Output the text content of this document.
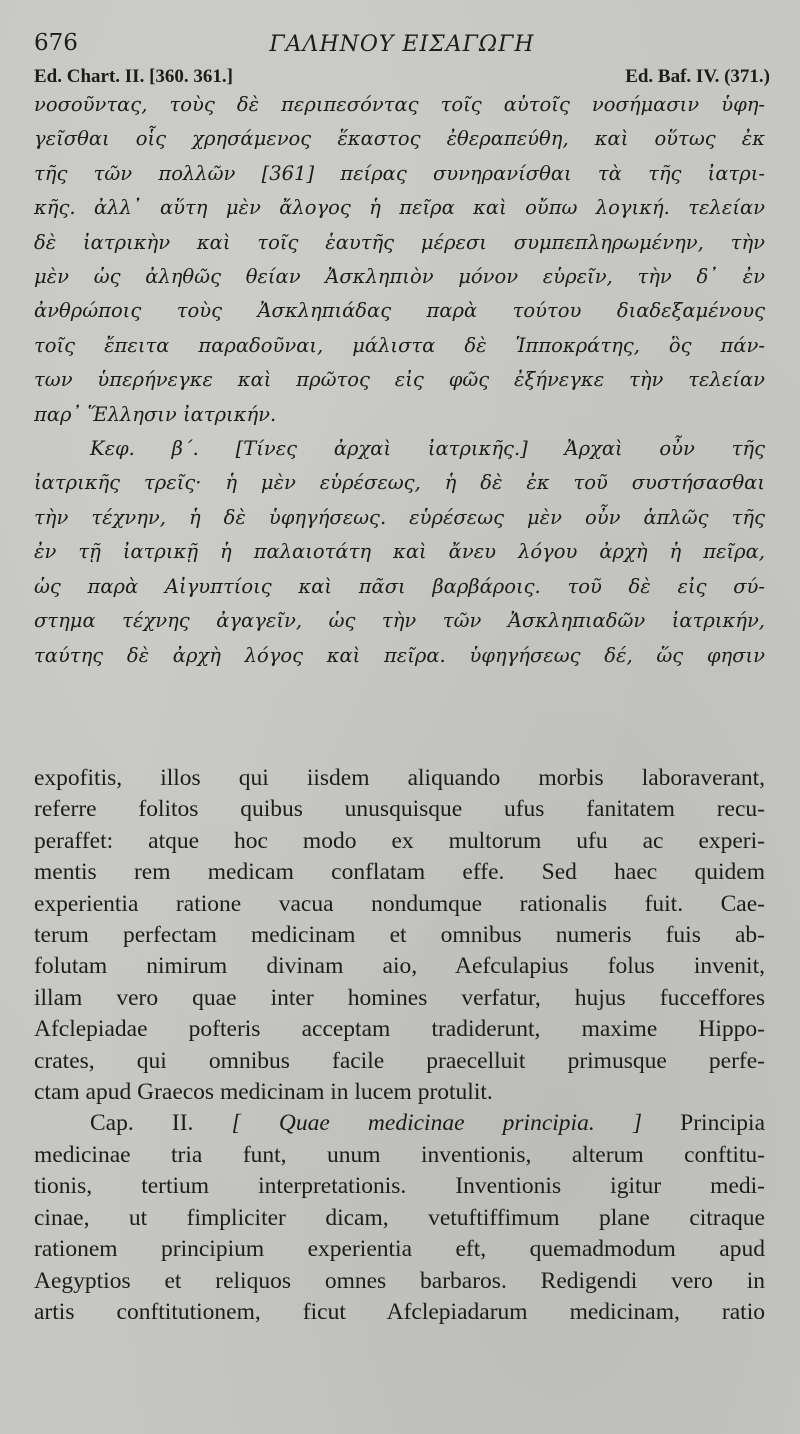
676	ΓΑΛΗΝΟΥ ΕΙΣΑΓΩΓΗ
Ed. Chart. II. [360. 361.]	Ed. Baf. IV. (371.)
νοσοῦντας, τοὺς δὲ περιπεσόντας τοῖς αὐτοῖς νοσήμασιν ὑφη-
γεῖσθαι οἷς χρησάμενος ἕκαστος ἐθεραπεύθη, καὶ οὕτως ἐκ
τῆς τῶν πολλῶν [361] πείρας συνηρανίσθαι τὰ τῆς ἰατρι-
κῆς. ἀλλ᾽ αὕτη μὲν ἄλογος ἡ πεῖρα καὶ οὔπω λογική. τελείαν
δὲ ἰατρικὴν καὶ τοῖς ἑαυτῆς μέρεσι συμπεπληρωμένην, τὴν
μὲν ὡς ἀληθῶς θείαν Ἀσκληπιὸν μόνον εὑρεῖν, τὴν δ᾽ ἐν
ἀνθρώποις τοὺς Ἀσκληπιάδας παρὰ τούτου διαδεξαμένους
τοῖς ἔπειτα παραδοῦναι, μάλιστα δὲ Ἱπποκράτης, ὃς πάν-
των ὑπερήνεγκε καὶ πρῶτος εἰς φῶς ἐξήνεγκε τὴν τελείαν
παρ᾽ Ἕλλησιν ἰατρικήν.
Κεφ. β΄. [Τίνες ἀρχαὶ ἰατρικῆς.] Ἀρχαὶ οὖν τῆς
ἰατρικῆς τρεῖς· ἡ μὲν εὑρέσεως, ἡ δὲ ἐκ τοῦ συστήσασθαι
τὴν τέχνην, ἡ δὲ ὑφηγήσεως. εὑρέσεως μὲν οὖν ἁπλῶς τῆς
ἐν τῇ ἰατρικῇ ἡ παλαιοτάτη καὶ ἄνευ λόγου ἀρχὴ ἡ πεῖρα,
ὡς παρὰ Αἰγυπτίοις καὶ πᾶσι βαρβάροις. τοῦ δὲ εἰς σύ-
στημα τέχνης ἀγαγεῖν, ὡς τὴν τῶν Ἀσκληπιαδῶν ἰατρικήν,
ταύτης δὲ ἀρχὴ λόγος καὶ πεῖρα. ὑφηγήσεως δέ, ὥς φησιν
expofitis, illos qui iisdem aliquando morbis laboraverant,
referre folitos quibus unusquisque ufus fanitatem recu-
peraffet: atque hoc modo ex multorum ufu ac experi-
mentis rem medicam conflatam effe. Sed haec quidem
experientia ratione vacua nondumque rationalis fuit. Cae-
terum perfectam medicinam et omnibus numeris fuis ab-
folutam nimirum divinam aio, Aefculapius folus invenit,
illam vero quae inter homines verfatur, hujus fucceffores
Afclepiadae pofteris acceptam tradiderunt, maxime Hippo-
crates, qui omnibus facile praecelluit primusque perfe-
ctam apud Graecos medicinam in lucem protulit.
Cap. II. [ Quae medicinae principia. ] Principia
medicinae tria funt, unum inventionis, alterum conftitu-
tionis, tertium interpretationis. Inventionis igitur medi-
cinae, ut fimpliciter dicam, vetuftiffimum plane citraque
rationem principium experientia eft, quemadmodum apud
Aegyptios et reliquos omnes barbaros. Redigendi vero in
artis conftitutionem, ficut Afclepiadarum medicinam, ratio
